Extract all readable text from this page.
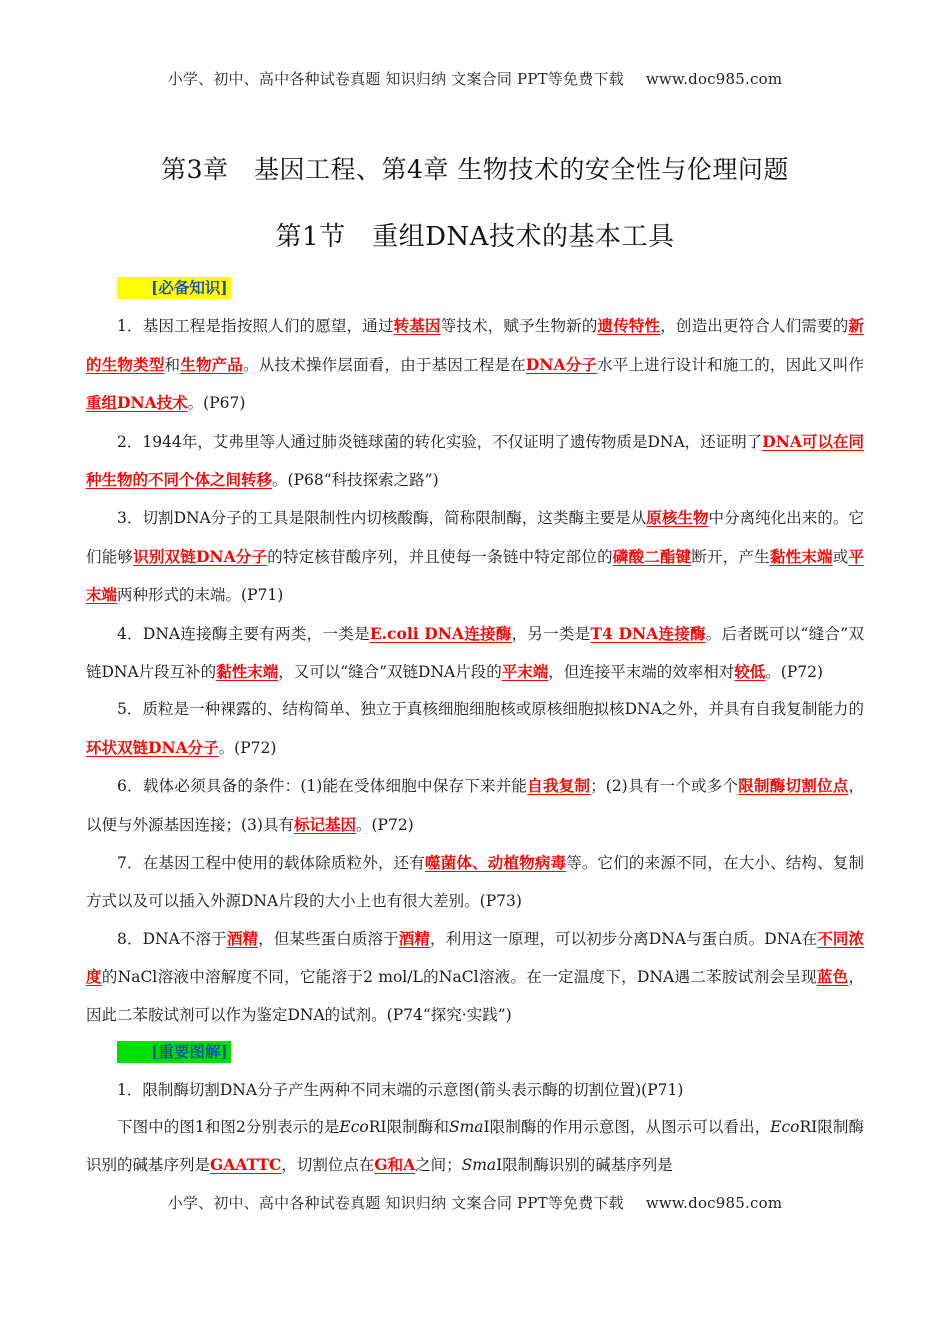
小学、初中、高中各种试卷真题 知识归纳 文案合同 PPT等免费下载 www.doc985.com
第3章　基因工程、第4章 生物技术的安全性与伦理问题
第1节　重组DNA技术的基本工具

[必备知识]

1．基因工程是指按照人们的愿望，通过转基因等技术，赋予生物新的遗传特性，创造出更符合人们需要的新的生物类型和生物产品。从技术操作层面看，由于基因工程是在DNA分子水平上进行设计和施工的，因此又叫作重组DNA技术。(P67)

2．1944年，艾弗里等人通过肺炎链球菌的转化实验，不仅证明了遗传物质是DNA，还证明了DNA可以在同种生物的不同个体之间转移。(P68“科技探索之路”)

3．切割DNA分子的工具是限制性内切核酸酶，简称限制酶，这类酶主要是从原核生物中分离纯化出来的。它们能够识别双链DNA分子的特定核苷酸序列，并且使每一条链中特定部位的磷酸二酯键断开，产生黏性末端或平末端两种形式的末端。(P71)

4．DNA连接酶主要有两类，一类是E.coli DNA连接酶，另一类是T4 DNA连接酶。后者既可以“缝合”双链DNA片段互补的黏性末端，又可以“缝合”双链DNA片段的平末端，但连接平末端的效率相对较低。(P72)

5．质粒是一种裸露的、结构简单、独立于真核细胞细胞核或原核细胞拟核DNA之外，并具有自我复制能力的环状双链DNA分子。(P72)

6．载体必须具备的条件：(1)能在受体细胞中保存下来并能自我复制；(2)具有一个或多个限制酶切割位点，以便与外源基因连接；(3)具有标记基因。(P72)

7．在基因工程中使用的载体除质粒外，还有噬菌体、动植物病毒等。它们的来源不同，在大小、结构、复制方式以及可以插入外源DNA片段的大小上也有很大差别。(P73)

8．DNA不溶于酒精，但某些蛋白质溶于酒精，利用这一原理，可以初步分离DNA与蛋白质。DNA在不同浓度的NaCl溶液中溶解度不同，它能溶于2 mol/L的NaCl溶液。在一定温度下，DNA遇二苯胺试剂会呈现蓝色，因此二苯胺试剂可以作为鉴定DNA的试剂。(P74“探究·实践”)

[重要图解]

1．限制酶切割DNA分子产生两种不同末端的示意图(箭头表示酶的切割位置)(P71)

下图中的图1和图2分别表示的是EcoRI限制酶和SmaI限制酶的作用示意图，从图示可以看出，EcoRI限制酶识别的碱基序列是GAATTC，切割位点在G和A之间；SmaI限制酶识别的碱基序列是

小学、初中、高中各种试卷真题 知识归纳 文案合同 PPT等免费下载 www.doc985.com
